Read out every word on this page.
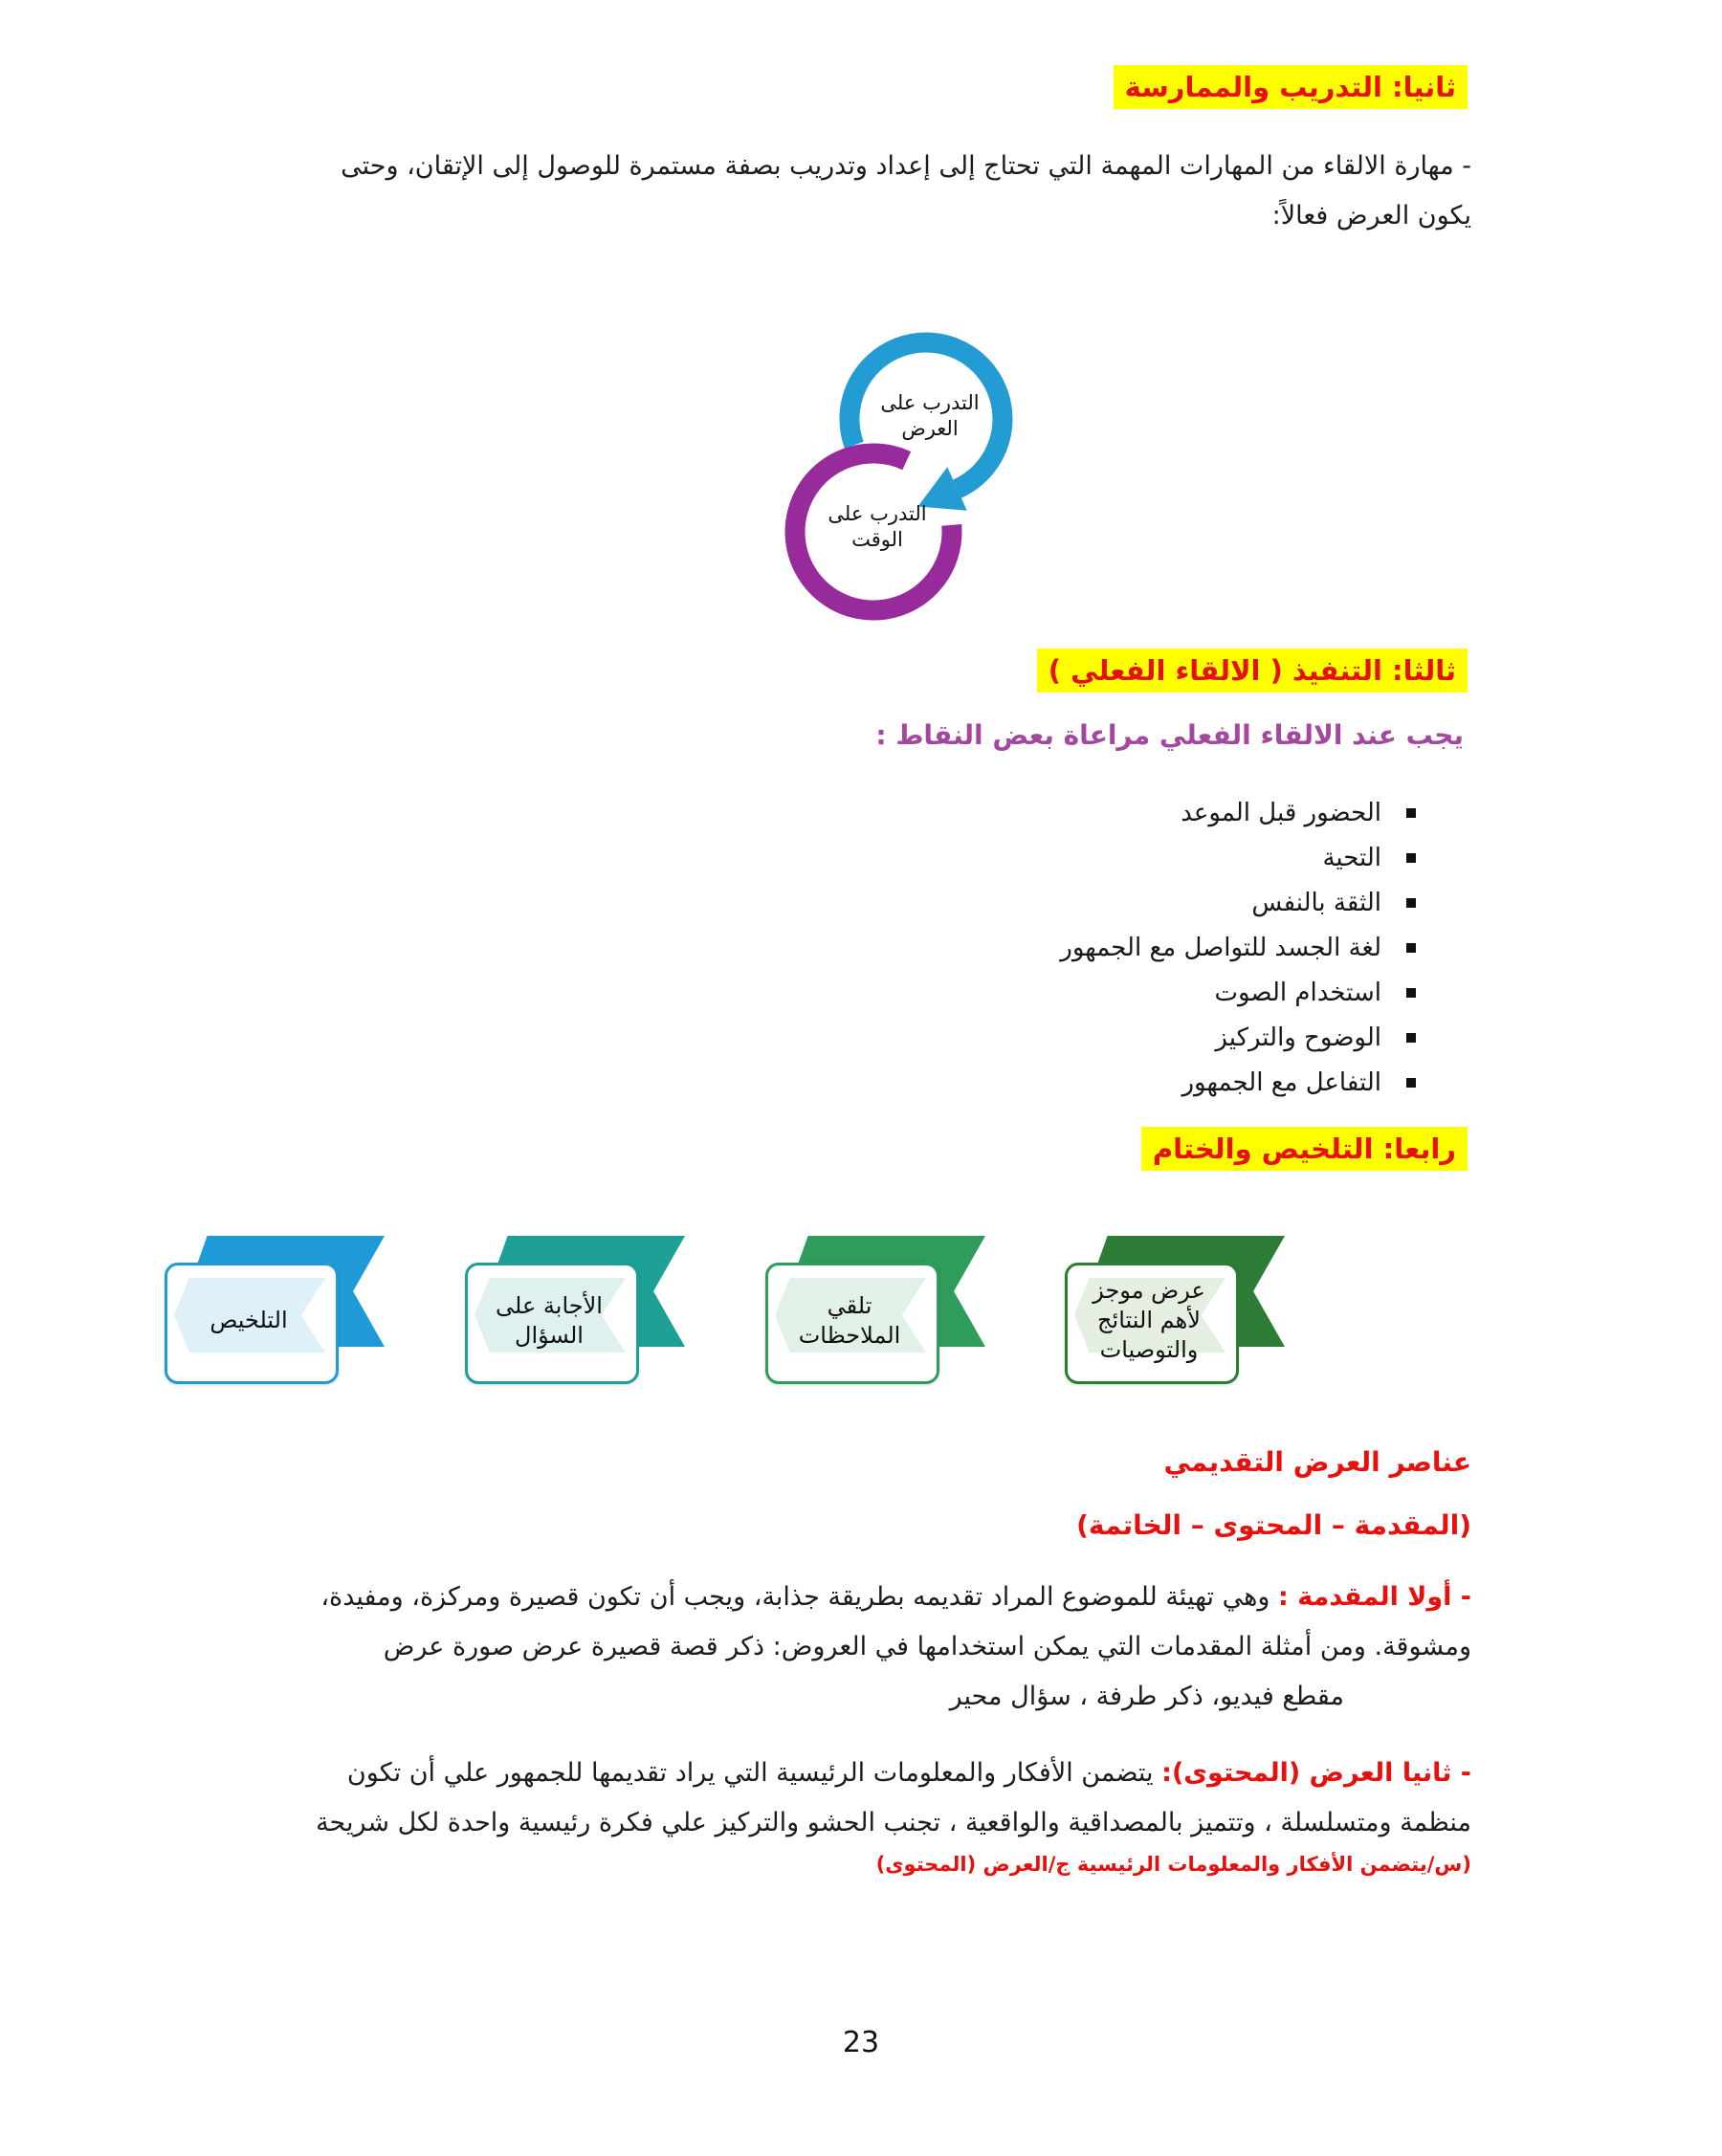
ثانيا: التدريب والممارسة
- مهارة الالقاء من المهارات المهمة التي تحتاج إلى إعداد وتدريب بصفة مستمرة للوصول إلى الإتقان، وحتى
يكون العرض فعالاً:
التدرب على
العرض
التدرب على
الوقت
ثالثا: التنفيذ ( الالقاء الفعلي )
يجب عند الالقاء الفعلي مراعاة بعض النقاط :
الحضور قبل الموعد
التحية
الثقة بالنفس
لغة الجسد للتواصل مع الجمهور
استخدام الصوت
الوضوح والتركيز
التفاعل مع الجمهور
رابعا: التلخيص والختام
عرض موجز لأهم النتائج والتوصيات
تلقي الملاحظات
الأجابة على السؤال
التلخيص
عناصر العرض التقديمي
(المقدمة – المحتوى – الخاتمة)
- أولا المقدمة : وهي تهيئة للموضوع المراد تقديمه بطريقة جذابة، ويجب أن تكون قصيرة ومركزة، ومفيدة،
ومشوقة. ومن أمثلة المقدمات التي يمكن استخدامها في العروض: ذكر قصة قصيرة عرض صورة عرض
مقطع فيديو، ذكر طرفة ، سؤال محير
- ثانيا العرض (المحتوى): يتضمن الأفكار والمعلومات الرئيسية التي يراد تقديمها للجمهور علي أن تكون
منظمة ومتسلسلة ، وتتميز بالمصداقية والواقعية ، تجنب الحشو والتركيز علي فكرة رئيسية واحدة لكل شريحة
(س/يتضمن الأفكار والمعلومات الرئيسية ج/العرض (المحتوى)
23
